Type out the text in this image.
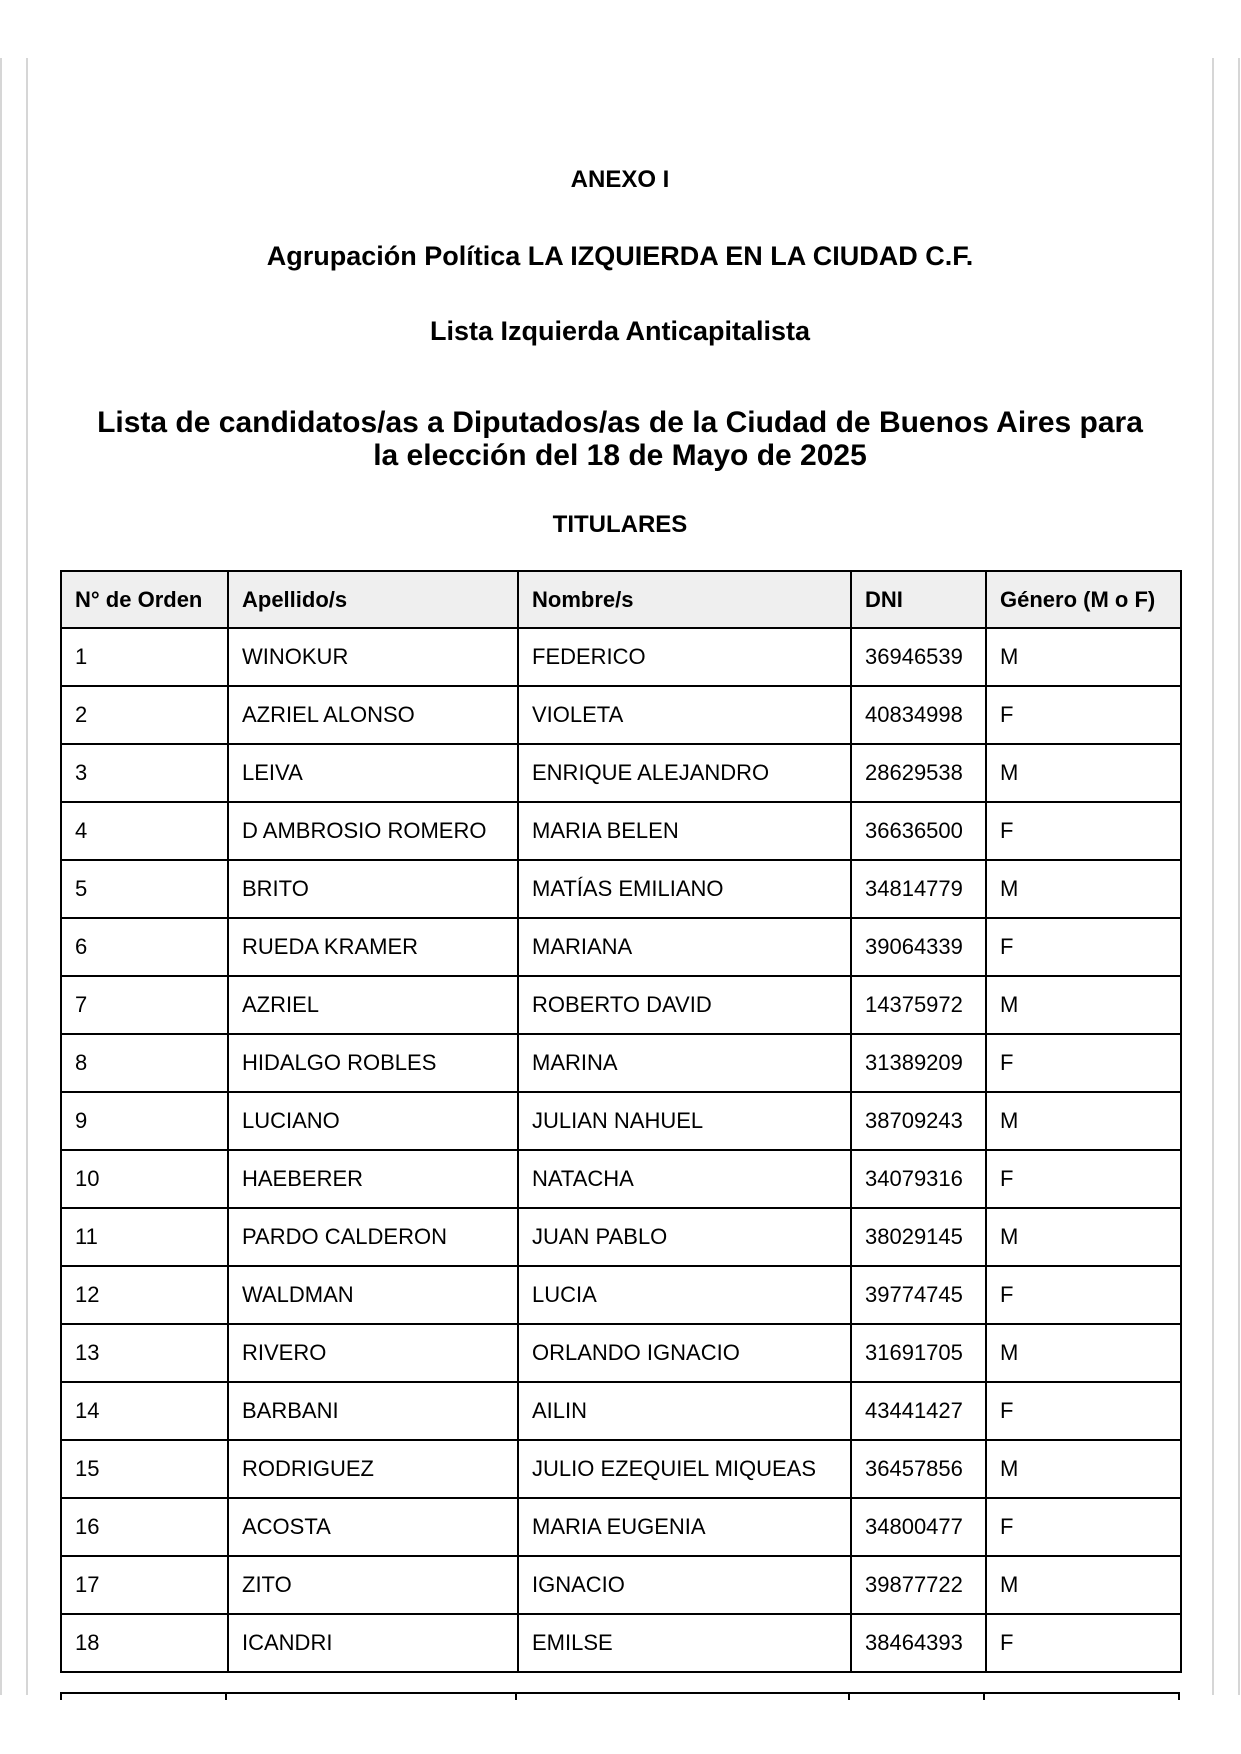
ANEXO I
Agrupación Política LA IZQUIERDA EN LA CIUDAD C.F.
Lista Izquierda Anticapitalista
Lista de candidatos/as a Diputados/as de la Ciudad de Buenos Aires para
la elección del 18 de Mayo de 2025
TITULARES
N° de Orden	Apellido/s	Nombre/s	DNI	Género (M o F)
1	WINOKUR	FEDERICO	36946539	M
2	AZRIEL ALONSO	VIOLETA	40834998	F
3	LEIVA	ENRIQUE ALEJANDRO	28629538	M
4	D AMBROSIO ROMERO	MARIA BELEN	36636500	F
5	BRITO	MATÍAS EMILIANO	34814779	M
6	RUEDA KRAMER	MARIANA	39064339	F
7	AZRIEL	ROBERTO DAVID	14375972	M
8	HIDALGO ROBLES	MARINA	31389209	F
9	LUCIANO	JULIAN NAHUEL	38709243	M
10	HAEBERER	NATACHA	34079316	F
11	PARDO CALDERON	JUAN PABLO	38029145	M
12	WALDMAN	LUCIA	39774745	F
13	RIVERO	ORLANDO IGNACIO	31691705	M
14	BARBANI	AILIN	43441427	F
15	RODRIGUEZ	JULIO EZEQUIEL MIQUEAS	36457856	M
16	ACOSTA	MARIA EUGENIA	34800477	F
17	ZITO	IGNACIO	39877722	M
18	ICANDRI	EMILSE	38464393	F
